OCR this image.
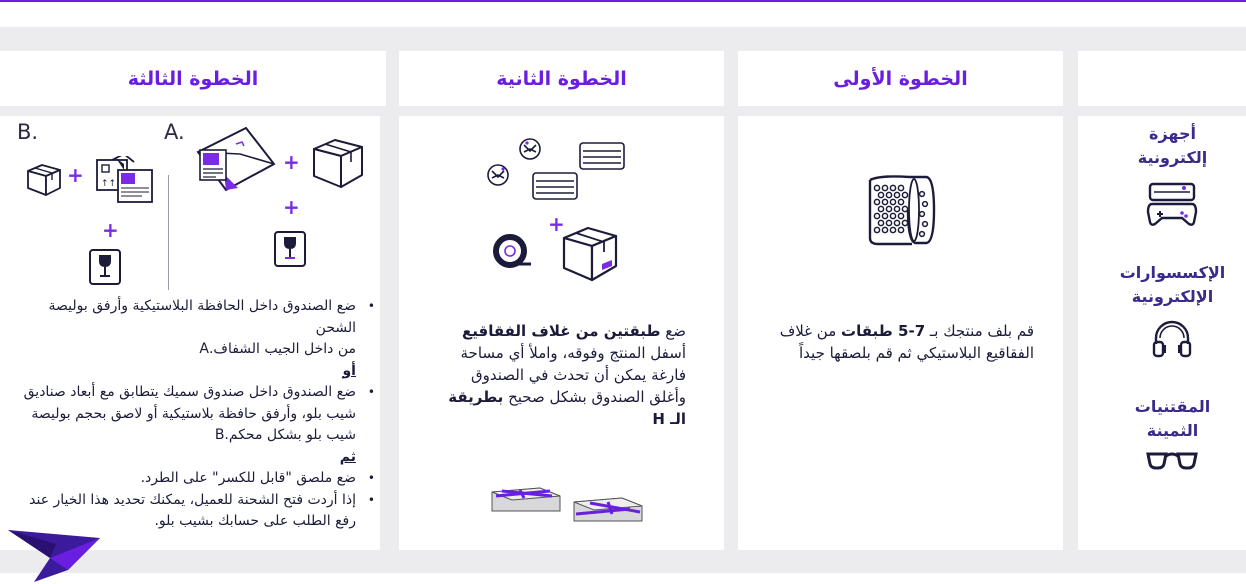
الخطوة الثالثة	الخطوة الثانية	الخطوة الأولى
أجهزة
إلكترونية
الإكسسوارات
الإلكترونية
المقتنيات
الثمينة
قم بلف منتجك بـ 7-5 طبقات من غلاف الفقاقيع البلاستيكي ثم قم بلصقها جيداً
+
ضع طبقتين من غلاف الفقاقيع أسفل المنتج وفوقه، واملأ أي مساحة فارغة يمكن أن تحدث في الصندوق وأغلق الصندوق بشكل صحيح بطريقة الـ H
B.	A.
+
+
+ ↑↑
+
•
ضع الصندوق داخل الحافظة البلاستيكية وأرفق بوليصة الشحن
من داخل الجيب الشفاف.A
أو
•
ضع الصندوق داخل صندوق سميك يتطابق مع أبعاد صناديق شيب بلو، وأرفق حافظة بلاستيكية أو لاصق بحجم بوليصة شيب بلو بشكل محكم.B
ثم
•
ضع ملصق "قابل للكسر" على الطرد.
•
إذا أردت فتح الشحنة للعميل، يمكنك تحديد هذا الخيار عند رفع الطلب على حسابك بشيب بلو.
